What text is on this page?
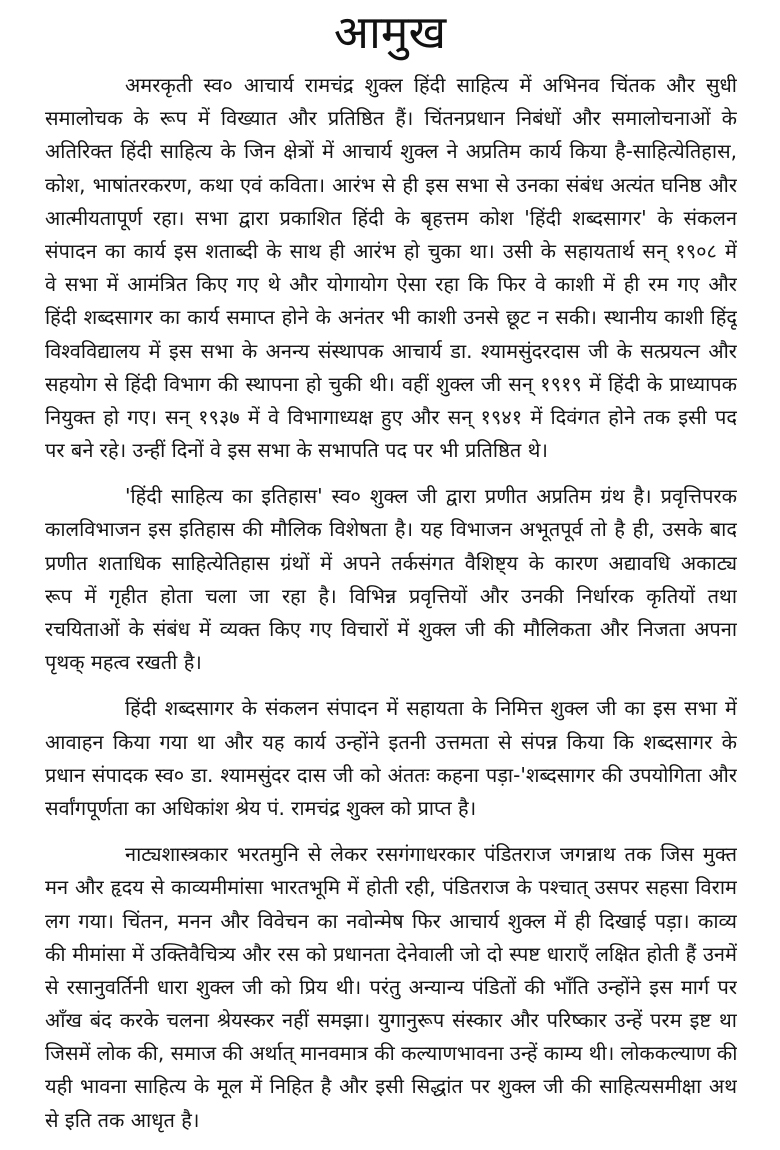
आमुख
अमरकृती स्व० आचार्य रामचंद्र शुक्ल हिंदी साहित्य में अभिनव चिंतक और सुधी
समालोचक के रूप में विख्यात और प्रतिष्ठित हैं। चिंतनप्रधान निबंधों और समालोचनाओं के
अतिरिक्त हिंदी साहित्य के जिन क्षेत्रों में आचार्य शुक्ल ने अप्रतिम कार्य किया है-साहित्येतिहास,
कोश, भाषांतरकरण, कथा एवं कविता। आरंभ से ही इस सभा से उनका संबंध अत्यंत घनिष्ठ और
आत्मीयतापूर्ण रहा। सभा द्वारा प्रकाशित हिंदी के बृहत्तम कोश 'हिंदी शब्दसागर' के संकलन
संपादन का कार्य इस शताब्दी के साथ ही आरंभ हो चुका था। उसी के सहायतार्थ सन् १९०८ में
वे सभा में आमंत्रित किए गए थे और योगायोग ऐसा रहा कि फिर वे काशी में ही रम गए और
हिंदी शब्दसागर का कार्य समाप्त होने के अनंतर भी काशी उनसे छूट न सकी। स्थानीय काशी हिंदू
विश्वविद्यालय में इस सभा के अनन्य संस्थापक आचार्य डा. श्यामसुंदरदास जी के सत्प्रयत्न और
सहयोग से हिंदी विभाग की स्थापना हो चुकी थी। वहीं शुक्ल जी सन् १९१९ में हिंदी के प्राध्यापक
नियुक्त हो गए। सन् १९३७ में वे विभागाध्यक्ष हुए और सन् १९४१ में दिवंगत होने तक इसी पद
पर बने रहे। उन्हीं दिनों वे इस सभा के सभापति पद पर भी प्रतिष्ठित थे।
'हिंदी साहित्य का इतिहास' स्व० शुक्ल जी द्वारा प्रणीत अप्रतिम ग्रंथ है। प्रवृत्तिपरक
कालविभाजन इस इतिहास की मौलिक विशेषता है। यह विभाजन अभूतपूर्व तो है ही, उसके बाद
प्रणीत शताधिक साहित्येतिहास ग्रंथों में अपने तर्कसंगत वैशिष्ट्य के कारण अद्यावधि अकाट्य
रूप में गृहीत होता चला जा रहा है। विभिन्न प्रवृत्तियों और उनकी निर्धारक कृतियों तथा
रचयिताओं के संबंध में व्यक्त किए गए विचारों में शुक्ल जी की मौलिकता और निजता अपना
पृथक् महत्व रखती है।
हिंदी शब्दसागर के संकलन संपादन में सहायता के निमित्त शुक्ल जी का इस सभा में
आवाहन किया गया था और यह कार्य उन्होंने इतनी उत्तमता से संपन्न किया कि शब्दसागर के
प्रधान संपादक स्व० डा. श्यामसुंदर दास जी को अंततः कहना पड़ा-'शब्दसागर की उपयोगिता और
सर्वांगपूर्णता का अधिकांश श्रेय पं. रामचंद्र शुक्ल को प्राप्त है।
नाट्यशास्त्रकार भरतमुनि से लेकर रसगंगाधरकार पंडितराज जगन्नाथ तक जिस मुक्त
मन और हृदय से काव्यमीमांसा भारतभूमि में होती रही, पंडितराज के पश्चात् उसपर सहसा विराम
लग गया। चिंतन, मनन और विवेचन का नवोन्मेष फिर आचार्य शुक्ल में ही दिखाई पड़ा। काव्य
की मीमांसा में उक्तिवैचित्र्य और रस को प्रधानता देनेवाली जो दो स्पष्ट धाराएँ लक्षित होती हैं उनमें
से रसानुवर्तिनी धारा शुक्ल जी को प्रिय थी। परंतु अन्यान्य पंडितों की भाँति उन्होंने इस मार्ग पर
आँख बंद करके चलना श्रेयस्कर नहीं समझा। युगानुरूप संस्कार और परिष्कार उन्हें परम इष्ट था
जिसमें लोक की, समाज की अर्थात् मानवमात्र की कल्याणभावना उन्हें काम्य थी। लोककल्याण की
यही भावना साहित्य के मूल में निहित है और इसी सिद्धांत पर शुक्ल जी की साहित्यसमीक्षा अथ
से इति तक आधृत है।
